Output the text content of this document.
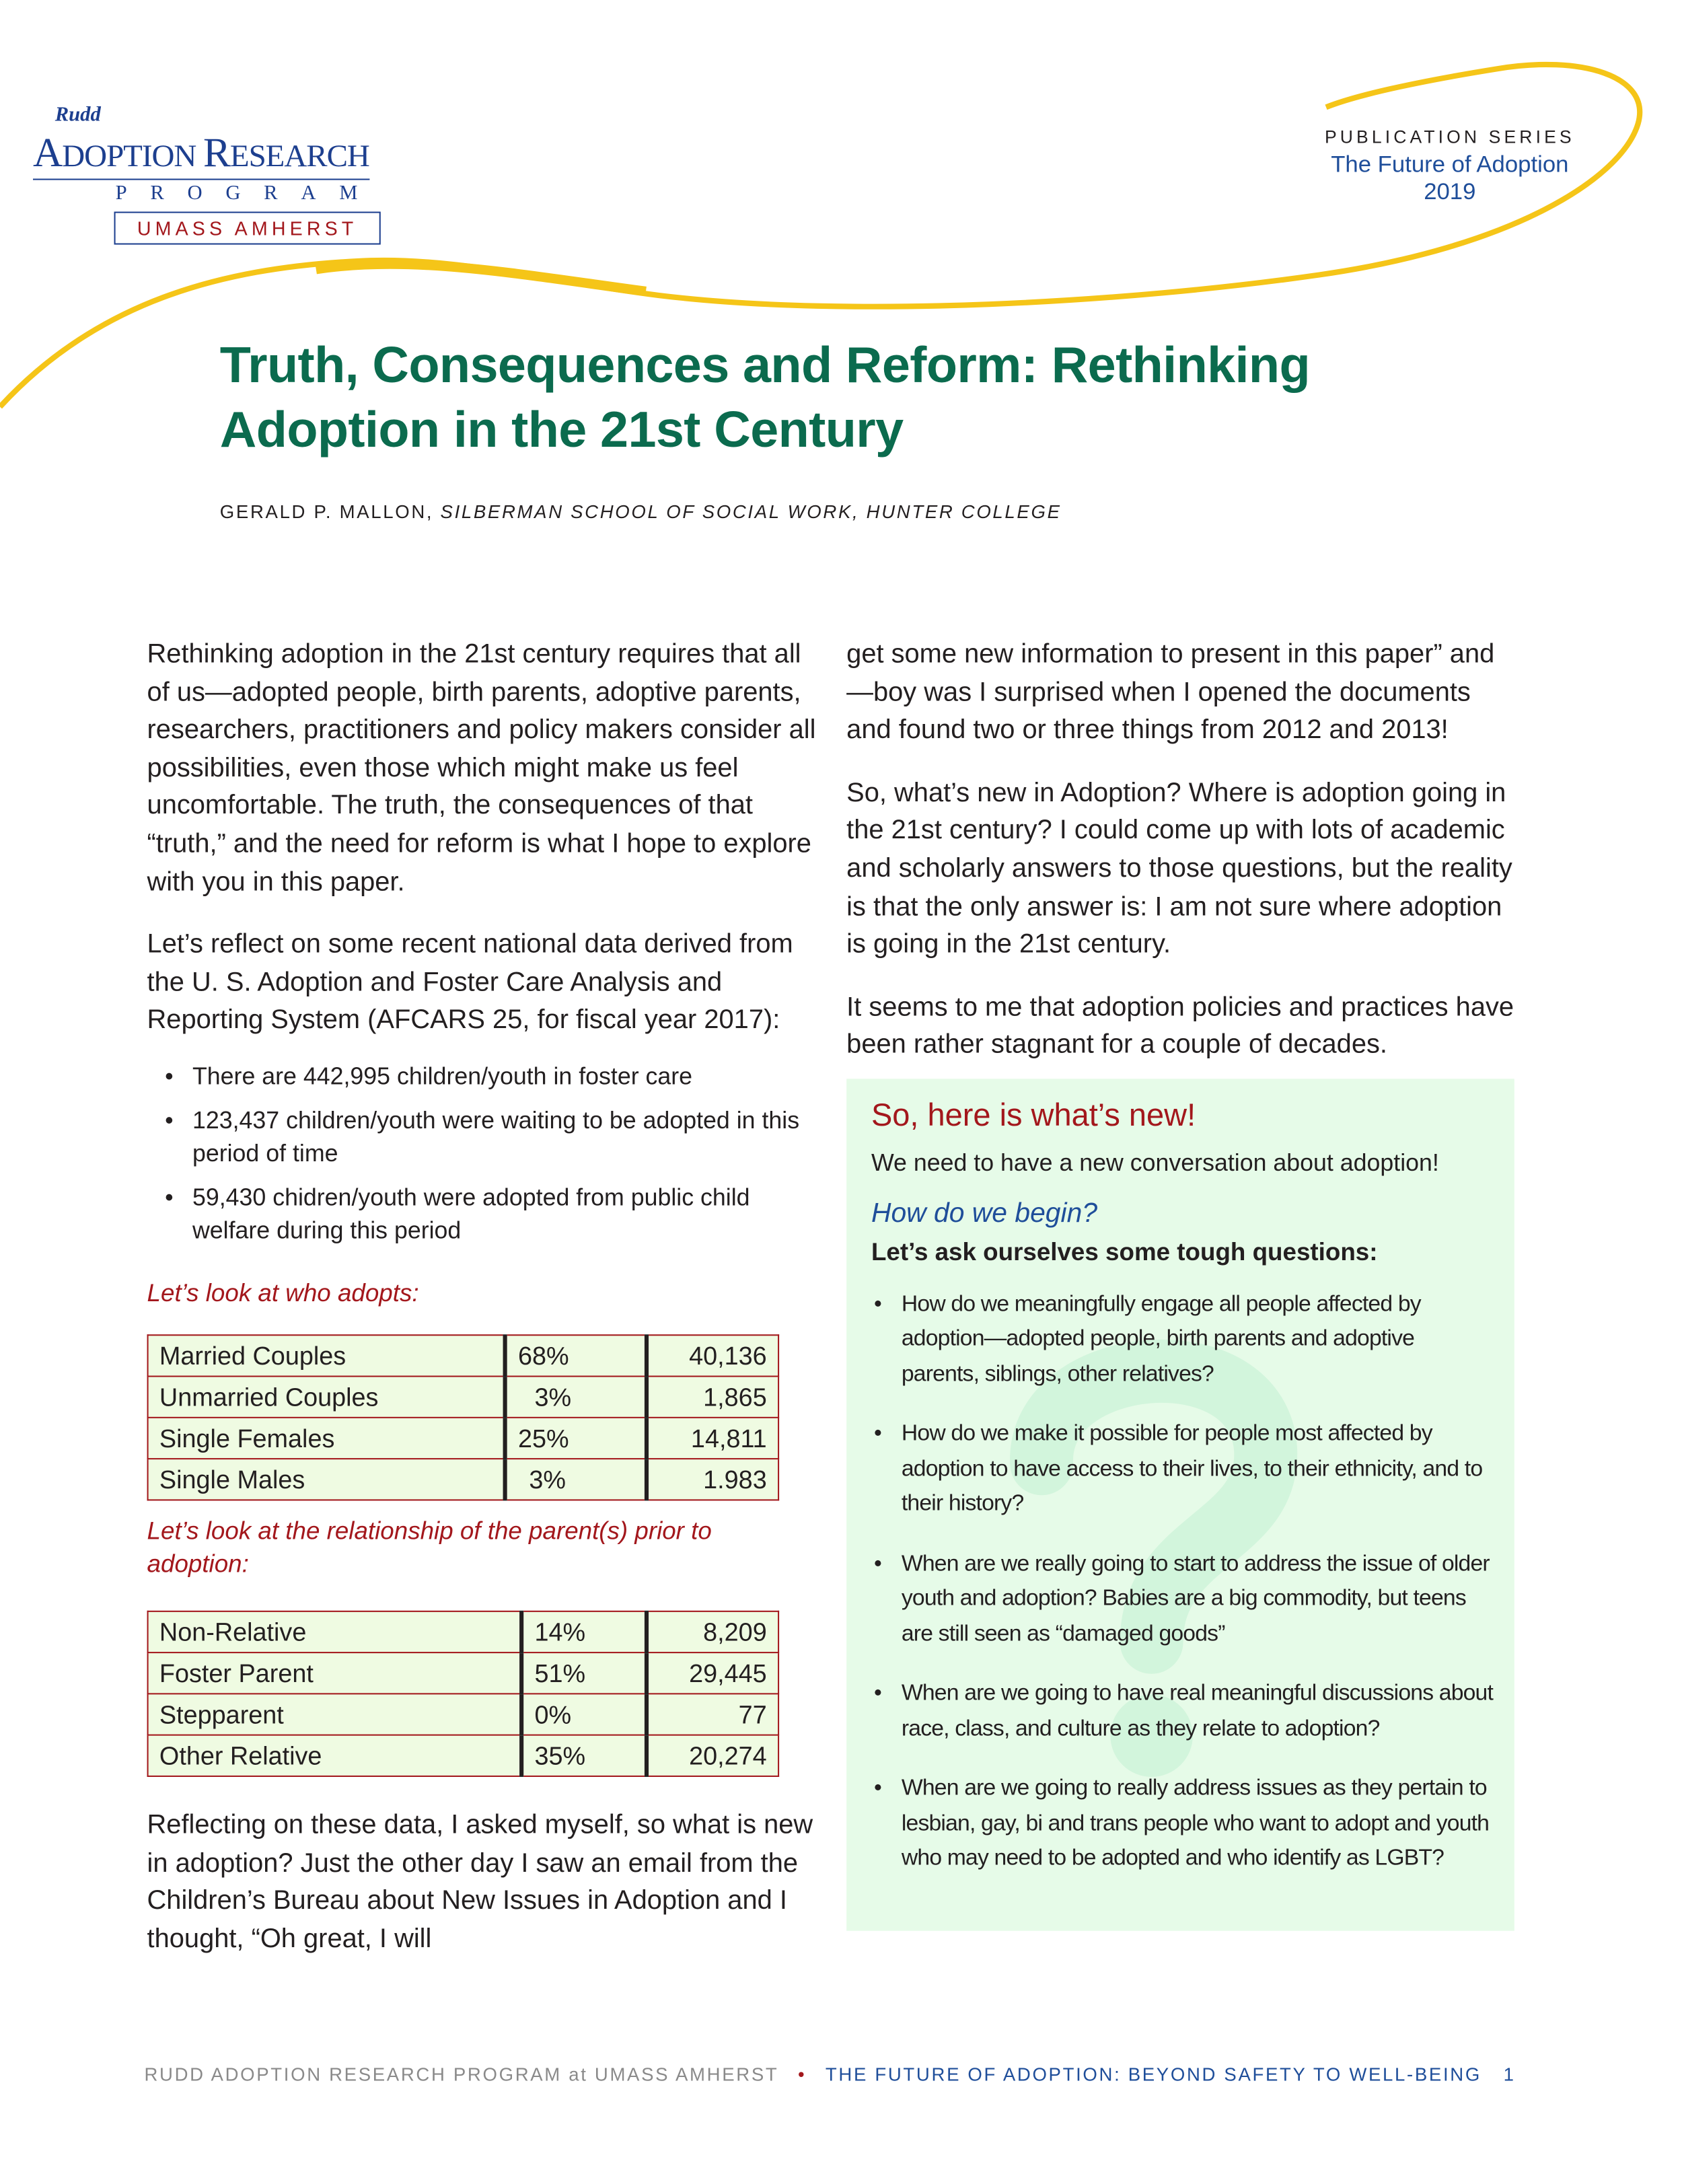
Rudd
ADOPTION RESEARCH
PROGRAM
UMASS AMHERST
PUBLICATION SERIES
The Future of Adoption
2019
Truth, Consequences and Reform: Rethinking Adoption in the 21st Century
GERALD P. MALLON, SILBERMAN SCHOOL OF SOCIAL WORK, HUNTER COLLEGE

Rethinking adoption in the 21st century requires that all of us—adopted people, birth parents, adoptive parents, researchers, practitioners and policy makers consider all possibilities, even those which might make us feel uncomfortable. The truth, the consequences of that “truth,” and the need for reform is what I hope to explore with you in this paper.

Let’s reflect on some recent national data derived from the U. S. Adoption and Foster Care Analysis and Reporting System (AFCARS 25, for fiscal year 2017):

• There are 442,995 children/youth in foster care
• 123,437 children/youth were waiting to be adopted in this period of time
• 59,430 chidren/youth were adopted from public child welfare during this period
Let’s look at who adopts:
Married Couples	68%	40,136
Unmarried Couples	3%	1,865
Single Females	25%	14,811
Single Males	3%	1.983
Let’s look at the relationship of the parent(s) prior to adoption:
Non-Relative	14%	8,209
Foster Parent	51%	29,445
Stepparent	0%	77
Other Relative	35%	20,274

Reflecting on these data, I asked myself, so what is new in adoption? Just the other day I saw an email from the Children’s Bureau about New Issues in Adoption and I thought, “Oh great, I will

get some new information to present in this paper” and—boy was I surprised when I opened the documents and found two or three things from 2012 and 2013!

So, what’s new in Adoption? Where is adoption going in the 21st century? I could come up with lots of academic and scholarly answers to those questions, but the reality is that the only answer is: I am not sure where adoption is going in the 21st century.

It seems to me that adoption policies and practices have been rather stagnant for a couple of decades.

So, here is what’s new!
We need to have a new conversation about adoption!
How do we begin?
Let’s ask ourselves some tough questions:
• How do we meaningfully engage all people affected by adoption—adopted people, birth parents and adoptive parents, siblings, other relatives?
• How do we make it possible for people most affected by adoption to have access to their lives, to their ethnicity, and to their history?
• When are we really going to start to address the issue of older youth and adoption? Babies are a big commodity, but teens are still seen as “damaged goods”
• When are we going to have real meaningful discussions about race, class, and culture as they relate to adoption?
• When are we going to really address issues as they pertain to lesbian, gay, bi and trans people who want to adopt and youth who may need to be adopted and who identify as LGBT?
RUDD ADOPTION RESEARCH PROGRAM at UMASS AMHERST • THE FUTURE OF ADOPTION: BEYOND SAFETY TO WELL-BEING 1
